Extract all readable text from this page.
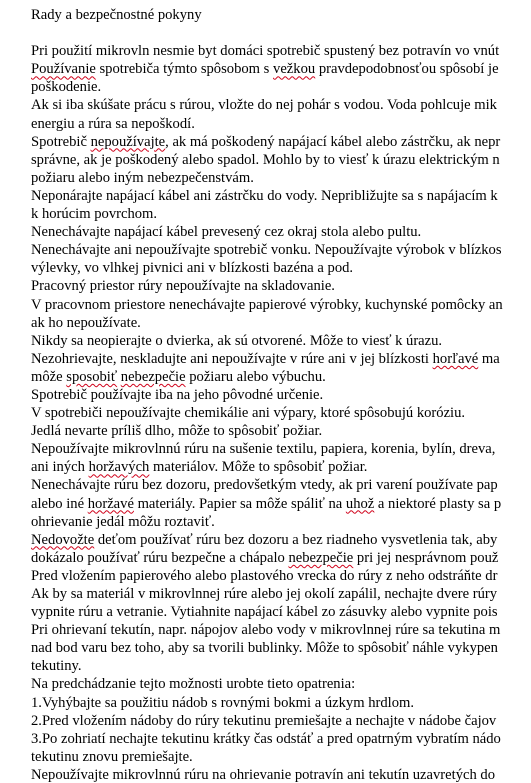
Rady a bezpečnostné pokyny
Pri použití mikrovln nesmie byt domáci spotrebič spustený bez potravín vo vnút
Používanie spotrebiča týmto spôsobom s vežkou pravdepodobnosťou spôsobí je
poškodenie.
Ak si iba skúšate prácu s rúrou, vložte do nej pohár s vodou. Voda pohlcuje mik
energiu a rúra sa nepoškodí.
Spotrebič nepoužívajte, ak má poškodený napájací kábel alebo zástrčku, ak nepr
správne, ak je poškodený alebo spadol. Mohlo by to viesť k úrazu elektrickým n
požiaru alebo iným nebezpečenstvám.
Neponárajte napájací kábel ani zástrčku do vody. Nepribližujte sa s napájacím k
k horúcim povrchom.
Nenechávajte napájací kábel prevesený cez okraj stola alebo pultu.
Nenechávajte ani nepoužívajte spotrebič vonku. Nepoužívajte výrobok v blízkos
výlevky, vo vlhkej pivnici ani v blízkosti bazéna a pod.
Pracovný priestor rúry nepoužívajte na skladovanie.
V pracovnom priestore nenechávajte papierové výrobky, kuchynské pomôcky an
ak ho nepoužívate.
Nikdy sa neopierajte o dvierka, ak sú otvorené. Môže to viesť k úrazu.
Nezohrievajte, neskladujte ani nepoužívajte v rúre ani v jej blízkosti horľavé ma
môže sposobiť nebezpečie požiaru alebo výbuchu.
Spotrebič používajte iba na jeho pôvodné určenie.
V spotrebiči nepoužívajte chemikálie ani výpary, ktoré spôsobujú koróziu.
Jedlá nevarte príliš dlho, môže to spôsobiť požiar.
Nepoužívajte mikrovlnnú rúru na sušenie textilu, papiera, korenia, bylín, dreva,
ani iných horžavých materiálov. Môže to spôsobiť požiar.
Nenechávajte rúru bez dozoru, predovšetkým vtedy, ak pri varení používate pap
alebo iné horžavé materiály. Papier sa môže spáliť na uhož a niektoré plasty sa p
ohrievanie jedál môžu roztaviť.
Nedovožte deťom používať rúru bez dozoru a bez riadneho vysvetlenia tak, aby
dokázalo používať rúru bezpečne a chápalo nebezpečie pri jej nesprávnom použ
Pred vložením papierového alebo plastového vrecka do rúry z neho odstráňte dr
Ak by sa materiál v mikrovlnnej rúre alebo jej okolí zapálil, nechajte dvere rúry
vypnite rúru a vetranie. Vytiahnite napájací kábel zo zásuvky alebo vypnite pois
Pri ohrievaní tekutín, napr. nápojov alebo vody v mikrovlnnej rúre sa tekutina m
nad bod varu bez toho, aby sa tvorili bublinky. Môže to spôsobiť náhle vykypen
tekutiny.
Na predchádzanie tejto možnosti urobte tieto opatrenia:
1.Vyhýbajte sa použitiu nádob s rovnými bokmi a úzkym hrdlom.
2.Pred vložením nádoby do rúry tekutinu premiešajte a nechajte v nádobe čajov
3.Po zohriatí nechajte tekutinu krátky čas odstáť a pred opatrným vybratím nádo
tekutinu znovu premiešajte.
Nepoužívajte mikrovlnnú rúru na ohrievanie potravín ani tekutín uzavretých do
